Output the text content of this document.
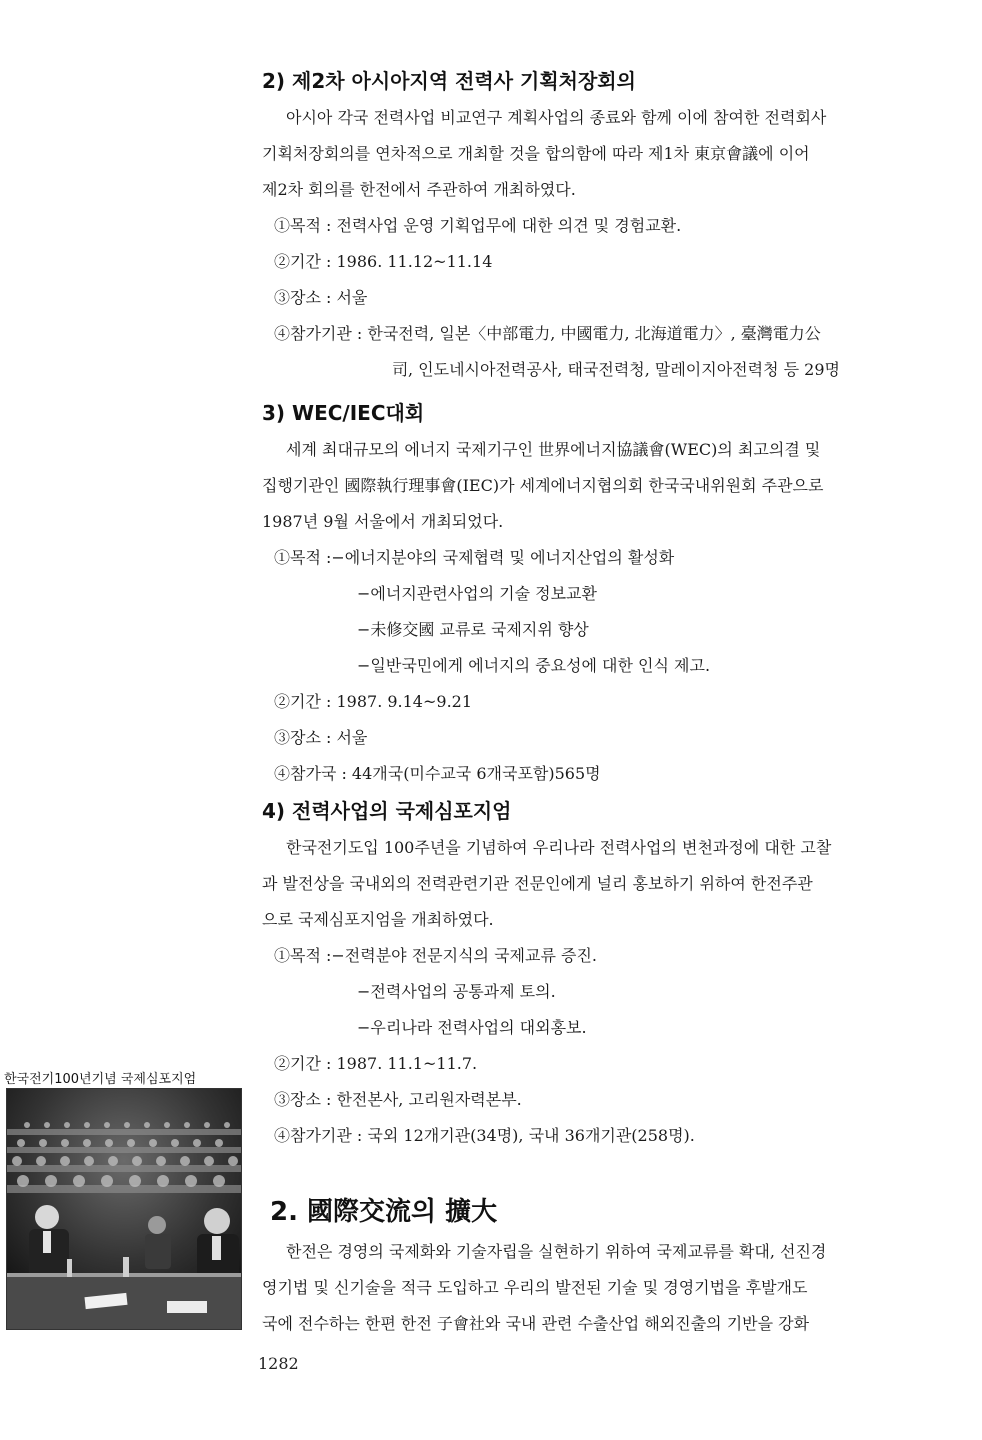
2) 제2차 아시아지역 전력사 기획처장회의

아시아 각국 전력사업 비교연구 계획사업의 종료와 함께 이에 참여한 전력회사

기획처장회의를 연차적으로 개최할 것을 합의함에 따라 제1차 東京會議에 이어

제2차 회의를 한전에서 주관하여 개최하였다.

①목적 : 전력사업 운영 기획업무에 대한 의견 및 경험교환.

②기간 : 1986. 11.12~11.14

③장소 : 서울

④참가기관 : 한국전력, 일본〈中部電力, 中國電力, 北海道電力〉, 臺灣電力公

司, 인도네시아전력공사, 태국전력청, 말레이지아전력청 등 29명

3) WEC/IEC대회

세계 최대규모의 에너지 국제기구인 世界에너지協議會(WEC)의 최고의결 및

집행기관인 國際執行理事會(IEC)가 세계에너지협의회 한국국내위원회 주관으로

1987년 9월 서울에서 개최되었다.

①목적 :−에너지분야의 국제협력 및 에너지산업의 활성화

−에너지관련사업의 기술 정보교환

−未修交國 교류로 국제지위 향상

−일반국민에게 에너지의 중요성에 대한 인식 제고.

②기간 : 1987. 9.14~9.21

③장소 : 서울

④참가국 : 44개국(미수교국 6개국포함)565명

4) 전력사업의 국제심포지엄

한국전기도입 100주년을 기념하여 우리나라 전력사업의 변천과정에 대한 고찰

과 발전상을 국내외의 전력관련기관 전문인에게 널리 홍보하기 위하여 한전주관

으로 국제심포지엄을 개최하였다.

①목적 :−전력분야 전문지식의 국제교류 증진.

−전력사업의 공통과제 토의.

−우리나라 전력사업의 대외홍보.

②기간 : 1987. 11.1~11.7.

③장소 : 한전본사, 고리원자력본부.

④참가기관 : 국외 12개기관(34명), 국내 36개기관(258명).

2. 國際交流의 擴大

한전은 경영의 국제화와 기술자립을 실현하기 위하여 국제교류를 확대, 선진경

영기법 및 신기술을 적극 도입하고 우리의 발전된 기술 및 경영기법을 후발개도

국에 전수하는 한편 한전 子會社와 국내 관련 수출산업 해외진출의 기반을 강화

한국전기100년기념 국제심포지엄
1282
